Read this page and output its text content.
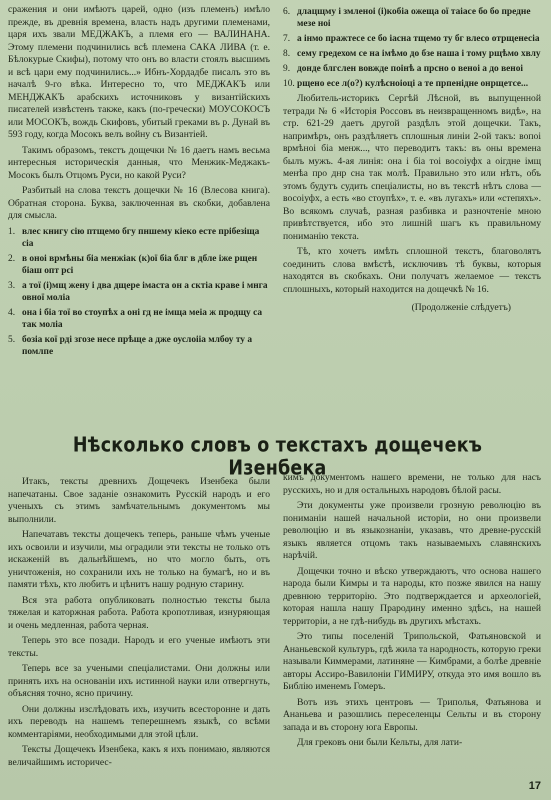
сражения и они имѣютъ царей, одно (изъ племенъ) имѣло прежде, въ древнія времена, власть надъ другими племенами, царя ихъ звали МЕДЖАКЪ, а племя его — ВАЛИНАНА. Этому племени подчинились всѣ племена САКА ЛИВА (т. е. Бѣлокурые Скифы), потому что онъ во власти стоялъ высшимъ и всѣ цари ему подчинились...» Ибнъ-Хордадбе писалъ это въ началѣ 9-го вѣка. Интересно то, что МЕДЖАКЪ или МЕНДЖАКЪ арабскихъ источниковъ у византійскихъ писателей извѣстенъ также, какъ (по-гречески) МОУСОКОСЪ или МОСОКЪ, вождь Скифовъ, убитый греками въ р. Дунай въ 593 году, когда Мосокъ велъ войну съ Византіей.

Такимъ образомъ, текстъ дощечки № 16 даетъ намъ весьма интересныя историческія данныя, что Менжик-Меджакъ-Мосокъ былъ Отцомъ Руси, но какой Руси?

Разбитый на слова текстъ дощечки № 16 (Влесова книга). Обратная сторона. Буква, заключенная въ скобки, добавлена для смысла.

1. влес книгу сію птщемо бгу пншему кіеко есте прібезіща сіа
2. в оноі врмѣны біа менжіак (к)ої біа блг в дбле іже рщен біаш опт рсі
3. а тої (і)мщ жену і два дщере імаста он а сктіа краве і мнга овної моліа
4. она і біа тої во стоупѣх а оні гд не імща меіа ж продщу са так моліа
5. бозіа кої рді згозе несе прѣще а дже оуслоііа млбоу ту а помлпе
6. длацщму і змленоі (і)кобіа ожеща ої таіасе бо бо предне мезе ноі
7. а інмо пражтесе се бо іасна тщемо ту бг влесо отрщенесіа
8. сему гредехом се на імѣмо до бзе наша і тому рщѣмо хвлу
9. донде блгслен вовжде поінѣ а прсно о веноі а до веноі
10. рщено есе л(о?) кулѣсноіоці а те прпенідне онрщетсе...

Любитель-историкъ Сергѣй Лѣсной, въ выпущенной тетради № 6 «Исторія Россовъ въ неизвращенномъ видѣ», на стр. 621-29 даетъ другой раздѣлъ этой дощечки. Такъ, напримѣръ, онъ раздѣляетъ сплошныя линіи 2-ой такъ: вопоі врмѣноі біа менж..., что переводитъ такъ: въ оны времена былъ мужъ. 4-ая линія: она і біа тоі восоіуфх а оігдне імщ менѣа про днр сна так молѣ. Правильно это или нѣтъ, объ этомъ будутъ судить спеціалисты, но въ текстѣ нѣтъ слова — восоіуфх, а есть «во стоупѣх», т. е. «въ лугахъ» или «степяхъ». Во всякомъ случаѣ, разная разбивка и разночтеніе мною привѣтствуется, ибо это лишній шагъ къ правильному пониманію текста.

Тѣ, кто хочетъ имѣть сплошной текстъ, благоволятъ соединить слова вмѣстѣ, исключивъ тѣ буквы, которыя находятся въ скобкахъ. Они получатъ желаемое — текстъ сплошныхъ, который находится на дощечкѣ № 16.

(Продолженіе слѣдуетъ)
Нѣсколько словъ о текстахъ дощечекъ Изенбека

Итакъ, тексты древнихъ Дощечекъ Изенбека были напечатаны. Свое заданіе ознакомить Русскій народъ и его ученыхъ съ этимъ замѣчательнымъ документомъ мы выполнили.

Напечатавъ тексты дощечекъ теперь, раньше чѣмъ ученые ихъ освоили и изучили, мы оградили эти тексты не только отъ искаженій въ дальнѣйшемъ, но что могло быть, отъ уничтоженія, но сохранили ихъ не только на бумагѣ, но и въ памяти тѣхъ, кто любитъ и цѣнитъ нашу родную старину.

Вся эта работа опубликовать полностью тексты была тяжелая и каторжная работа. Работа кропотливая, изнуряющая и очень медленная, работа черная.

Теперь это все позади. Народъ и его ученые имѣютъ эти тексты.

Теперь все за учеными спеціалистами. Они должны или принять ихъ на основаніи ихъ истинной науки или отвергнуть, объясняя точно, ясно причину.

Они должны изслѣдовать ихъ, изучить всесторонне и дать ихъ переводъ на нашемъ теперешнемъ языкѣ, со всѣми комментаріями, необходимыми для этой цѣли.

Тексты Дощечекъ Изенбека, какъ я ихъ понимаю, являются величайшимъ историчес-

кимъ документомъ нашего времени, не только для насъ русскихъ, но и для остальныхъ народовъ бѣлой расы.

Эти документы уже произвели грозную революцію въ пониманіи нашей начальной исторіи, но они произвели революцію и въ языкознаніи, указавъ, что древне-русскій языкъ является отцомъ такъ называемыхъ славянскихъ нарѣчій.

Дощечки точно и вѣско утверждаютъ, что основа нашего народа были Кимры и та народы, кто позже явился на нашу древнюю территорію. Это подтверждается и археологіей, которая нашла нашу Прародину именно здѣсь, на нашей территоріи, а не гдѣ-нибудь въ другихъ мѣстахъ.

Это типы поселеній Трипольской, Фатьяновской и Ананьевской культуръ, гдѣ жила та народность, которую греки называли Киммерами, латиняне — Кимбрами, а болѣе древніе авторы Ассиро-Вавилоніи ГИМИРУ, откуда это имя вошло въ Библію именемъ Гомеръ.

Вотъ изъ этихъ центровъ — Триполья, Фатьянова и Ананьева и разошлись переселенцы Сельты и въ сторону запада и въ сторону юга Европы.

Для грековъ они были Кельты, для лати-

17
